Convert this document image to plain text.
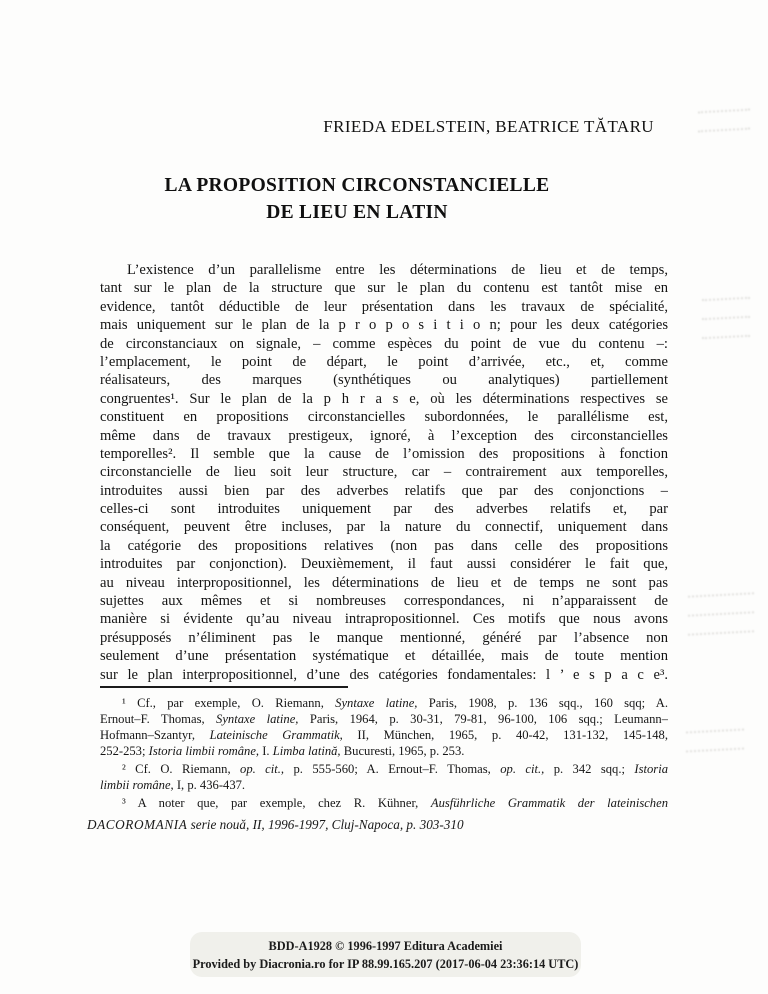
FRIEDA EDELSTEIN, BEATRICE TĂTARU
LA PROPOSITION CIRCONSTANCIELLE
DE LIEU EN LATIN
L’existence d’un parallelisme entre les déterminations de lieu et de temps,
tant sur le plan de la structure que sur le plan du contenu est tantôt mise en
evidence, tantôt déductible de leur présentation dans les travaux de spécialité,
mais uniquement sur le plan de la p r o p o s i t i o n; pour les deux catégories
de circonstanciaux on signale, – comme espèces du point de vue du contenu –:
l’emplacement, le point de départ, le point d’arrivée, etc., et, comme
réalisateurs, des marques (synthétiques ou analytiques) partiellement
congruentes¹. Sur le plan de la p h r a s e, où les déterminations respectives se
constituent en propositions circonstancielles subordonnées, le parallélisme est,
même dans de travaux prestigeux, ignoré, à l’exception des circonstancielles
temporelles². Il semble que la cause de l’omission des propositions à fonction
circonstancielle de lieu soit leur structure, car – contrairement aux temporelles,
introduites aussi bien par des adverbes relatifs que par des conjonctions –
celles-ci sont introduites uniquement par des adverbes relatifs et, par
conséquent, peuvent être incluses, par la nature du connectif, uniquement dans
la catégorie des propositions relatives (non pas dans celle des propositions
introduites par conjonction). Deuxièmement, il faut aussi considérer le fait que,
au niveau interpropositionnel, les déterminations de lieu et de temps ne sont pas
sujettes aux mêmes et si nombreuses correspondances, ni n’apparaissent de
manière si évidente qu’au niveau intrapropositionnel. Ces motifs que nous avons
présupposés n’éliminent pas le manque mentionné, généré par l’absence non
seulement d’une présentation systématique et détaillée, mais de toute mention
sur le plan interpropositionnel, d’une des catégories fondamentales: l ’ e s p a c e³.
¹ Cf., par exemple, O. Riemann, Syntaxe latine, Paris, 1908, p. 136 sqq., 160 sqq; A.
Ernout–F. Thomas, Syntaxe latine, Paris, 1964, p. 30-31, 79-81, 96-100, 106 sqq.; Leumann–
Hofmann–Szantyr, Lateinische Grammatik, II, München, 1965, p. 40-42, 131-132, 145-148,
252-253; Istoria limbii române, I. Limba latină, Bucuresti, 1965, p. 253.
² Cf. O. Riemann, op. cit., p. 555-560; A. Ernout–F. Thomas, op. cit., p. 342 sqq.; Istoria
limbii române, I, p. 436-437.
³ A noter que, par exemple, chez R. Kühner, Ausführliche Grammatik der lateinischen
DACOROMANIA serie nouă, II, 1996-1997, Cluj-Napoca, p. 303-310
BDD-A1928 © 1996-1997 Editura Academiei
Provided by Diacronia.ro for IP 88.99.165.207 (2017-06-04 23:36:14 UTC)
